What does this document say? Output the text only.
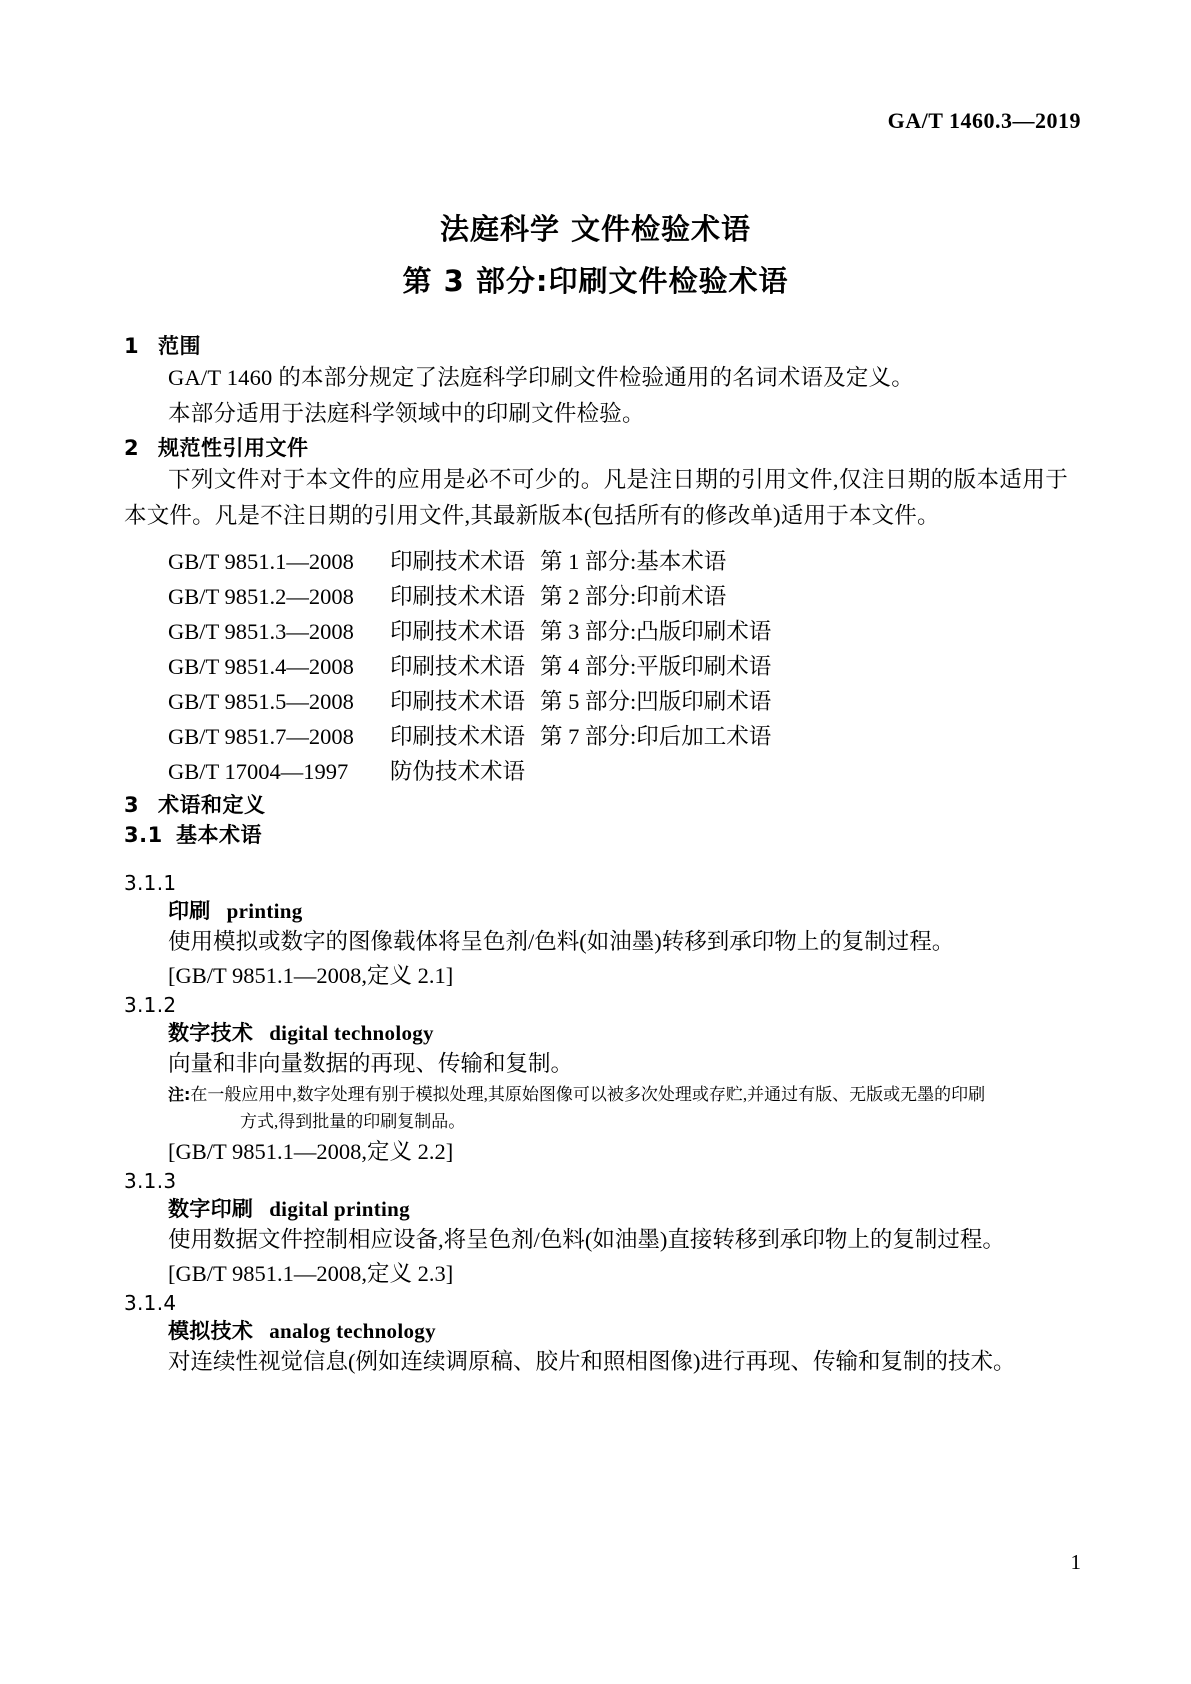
GA/T 1460.3—2019
法庭科学 文件检验术语
第 3 部分:印刷文件检验术语
1 范围

GA/T 1460 的本部分规定了法庭科学印刷文件检验通用的名词术语及定义。

本部分适用于法庭科学领域中的印刷文件检验。

2 规范性引用文件

下列文件对于本文件的应用是必不可少的。凡是注日期的引用文件,仅注日期的版本适用于本文件。凡是不注日期的引用文件,其最新版本(包括所有的修改单)适用于本文件。

GB/T 9851.1—2008 印刷技术术语 第 1 部分:基本术语

GB/T 9851.2—2008 印刷技术术语 第 2 部分:印前术语

GB/T 9851.3—2008 印刷技术术语 第 3 部分:凸版印刷术语

GB/T 9851.4—2008 印刷技术术语 第 4 部分:平版印刷术语

GB/T 9851.5—2008 印刷技术术语 第 5 部分:凹版印刷术语

GB/T 9851.7—2008 印刷技术术语 第 7 部分:印后加工术语

GB/T 17004—1997 防伪技术术语

3 术语和定义
3.1 基本术语

3.1.1

印刷 printing

使用模拟或数字的图像载体将呈色剂/色料(如油墨)转移到承印物上的复制过程。

[GB/T 9851.1—2008,定义 2.1]

3.1.2

数字技术 digital technology

向量和非向量数据的再现、传输和复制。

注:在一般应用中,数字处理有别于模拟处理,其原始图像可以被多次处理或存贮,并通过有版、无版或无墨的印刷

方式,得到批量的印刷复制品。

[GB/T 9851.1—2008,定义 2.2]

3.1.3

数字印刷 digital printing

使用数据文件控制相应设备,将呈色剂/色料(如油墨)直接转移到承印物上的复制过程。

[GB/T 9851.1—2008,定义 2.3]

3.1.4

模拟技术 analog technology

对连续性视觉信息(例如连续调原稿、胶片和照相图像)进行再现、传输和复制的技术。

1
